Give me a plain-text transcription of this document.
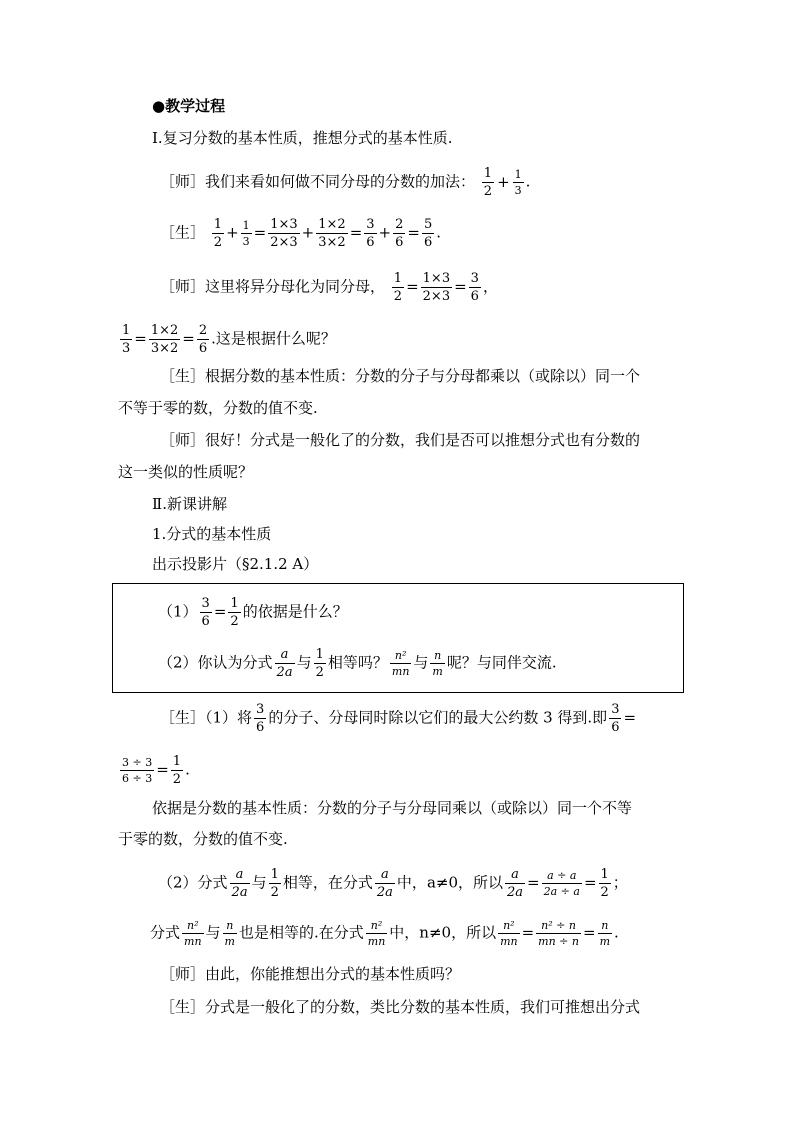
●教学过程
Ⅰ.复习分数的基本性质，推想分式的基本性质.
［师］我们来看如何做不同分母的分数的加法： $\frac{1}{2} + \frac{1}{3}$ .
［生］ $\frac{1}{2} + \frac{1}{3} = \frac{1\times 3}{2\times 3} + \frac{1\times 2}{3\times 2} = \frac{3}{6} + \frac{2}{6} = \frac{5}{6}$ .
［师］这里将异分母化为同分母， $\frac{1}{2} = \frac{1\times 3}{2\times 3} = \frac{3}{6}$ ，
$\frac{1}{3} = \frac{1\times 2}{3\times 2} = \frac{2}{6}$ .这是根据什么呢？
［生］根据分数的基本性质：分数的分子与分母都乘以（或除以）同一个
不等于零的数，分数的值不变.
［师］很好！分式是一般化了的分数，我们是否可以推想分式也有分数的
这一类似的性质呢？
Ⅱ.新课讲解
1.分式的基本性质
出示投影片（§2.1.2 A）
$(1) \frac{3}{6} = \frac{1}{2}$ 的依据是什么？
（2）你认为分式 $\frac{a}{2a}$ 与 $\frac{1}{2}$ 相等吗？ $\frac{\text{n²}}{mn}$ 与 $\frac{n}{m}$ 呢？与同伴交流.
［生］（1）将 $\frac{3}{6}$ 的分子、分母同时除以它们的最大公约数 3 得到.即 $\frac{3}{6}$ =
$\frac{3 \div 3}{6 \div 3} = \frac{1}{2}$ .
依据是分数的基本性质：分数的分子与分母同乘以（或除以）同一个不等
于零的数，分数的值不变.
（2）分式 $\frac{a}{2a}$ 与 $\frac{1}{2}$ 相等，在分式 $\frac{a}{2a}$ 中，a≠0，所以 $\frac{a}{2a} = \frac{a \div a}{2a \div a} = \frac{1}{2}$ ；
分式 $\frac{\text{n²}}{mn}$ 与 $\frac{n}{m}$ 也是相等的.在分式 $\frac{\text{n²}}{mn}$ 中，n≠0，所以 $\frac{\text{n²}}{mn} = \frac{\text{n² ÷ n}}{mn \div n} = \frac{n}{m}$ .
［师］由此，你能推想出分式的基本性质吗？
［生］分式是一般化了的分数，类比分数的基本性质，我们可推想出分式
